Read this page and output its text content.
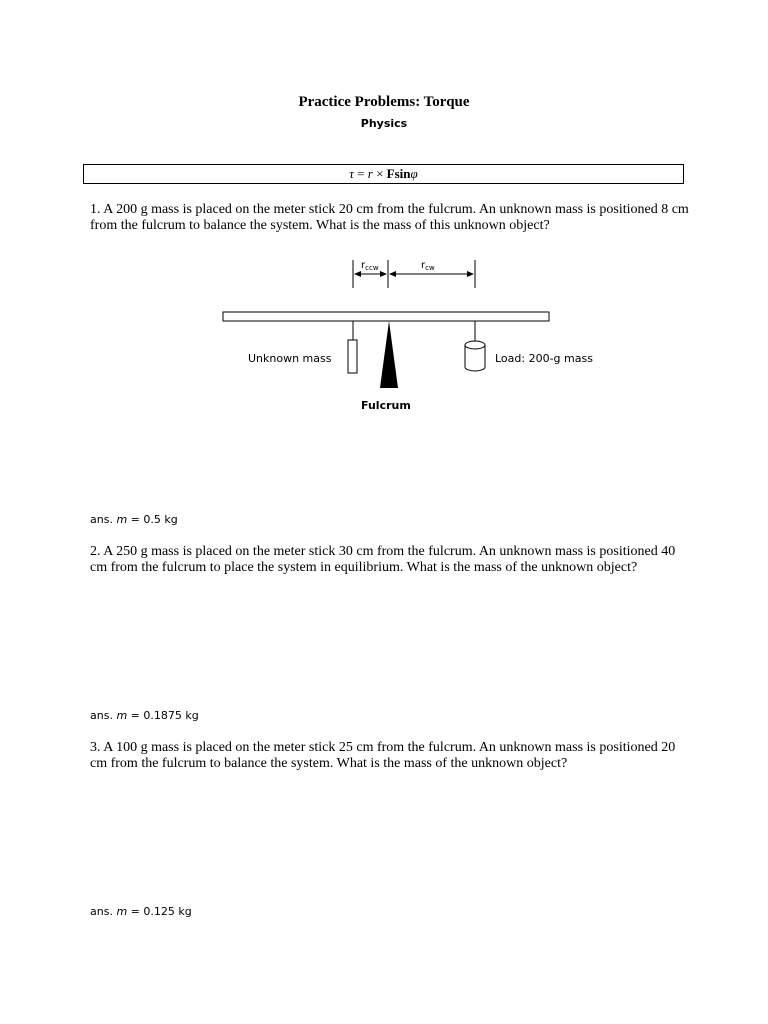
Practice Problems: Torque
Physics
τ = r × Fsinφ
1. A 200 g mass is placed on the meter stick 20 cm from the fulcrum. An unknown mass is positioned 8 cm from the fulcrum to balance the system. What is the mass of this unknown object?
$r_{ccw}$	$r_{cw}$
Unknown mass	Load: 200-g mass
Fulcrum
ans. m = 0.5 kg
2. A 250 g mass is placed on the meter stick 30 cm from the fulcrum. An unknown mass is positioned 40 cm from the fulcrum to place the system in equilibrium. What is the mass of the unknown object?
ans. m = 0.1875 kg
3. A 100 g mass is placed on the meter stick 25 cm from the fulcrum. An unknown mass is positioned 20 cm from the fulcrum to balance the system. What is the mass of the unknown object?
ans. m = 0.125 kg
